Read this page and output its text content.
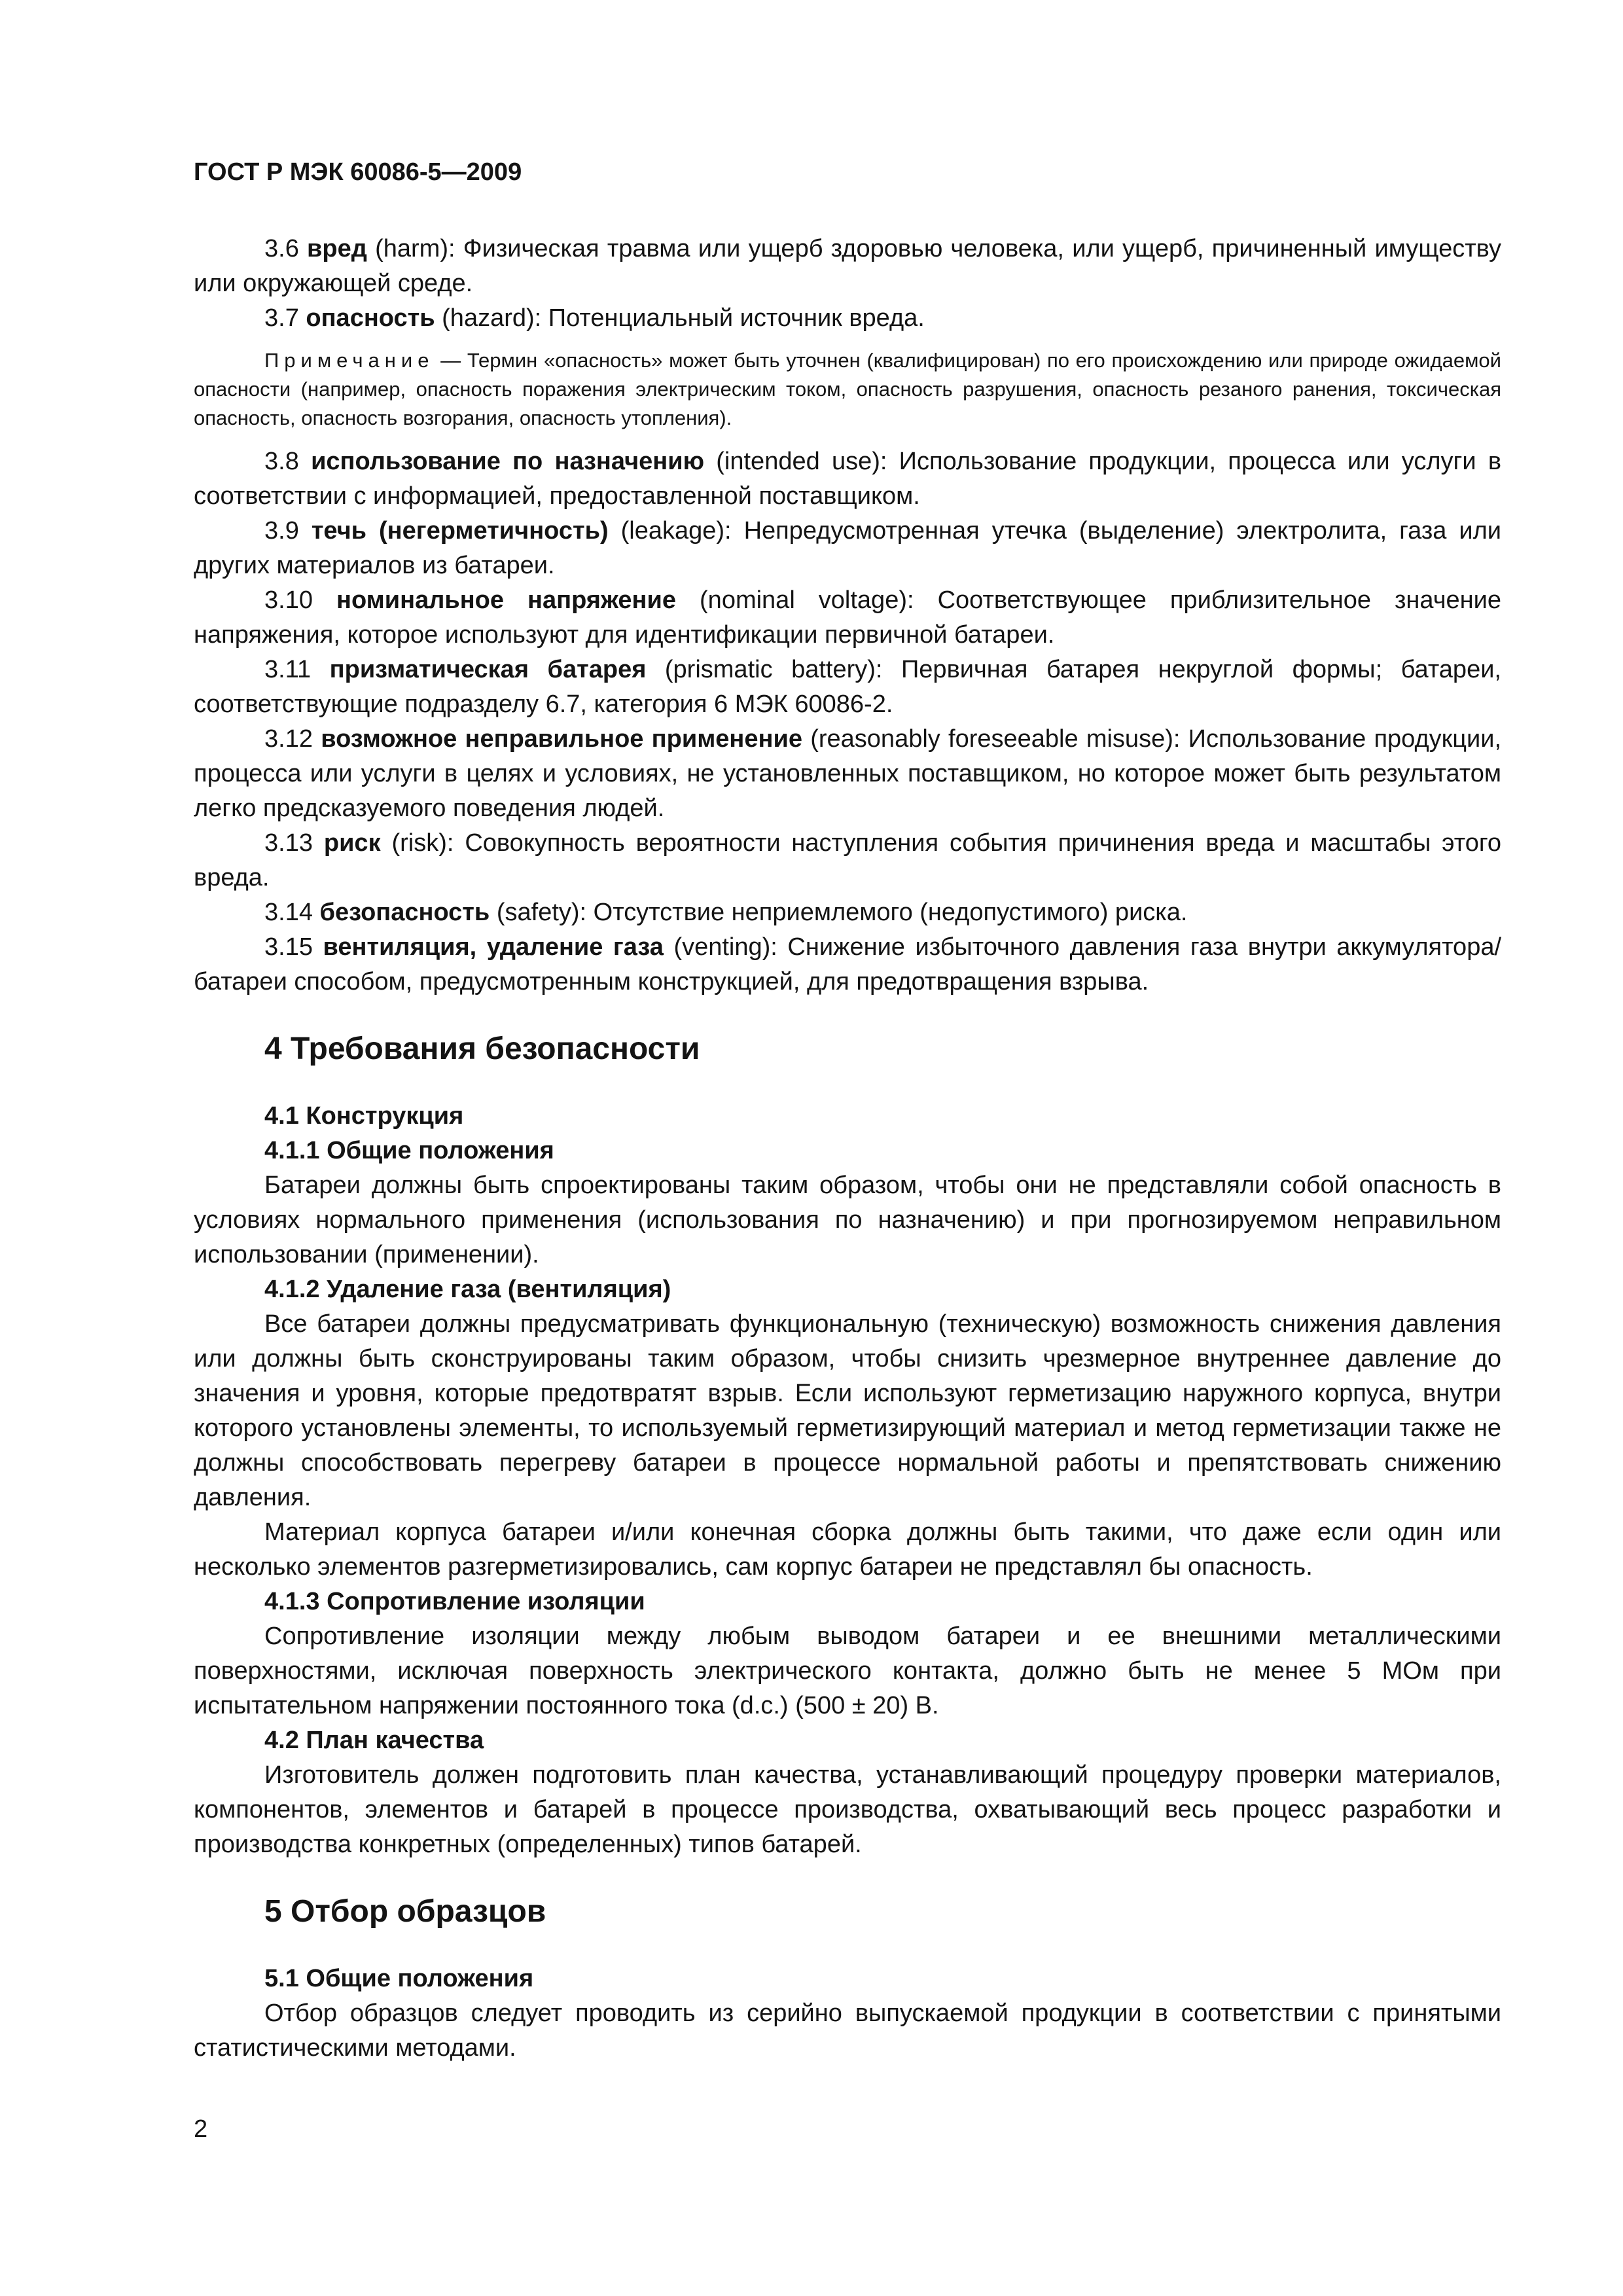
ГОСТ Р МЭК 60086-5—2009

3.6 вред (harm): Физическая травма или ущерб здоровью человека, или ущерб, причиненный имуществу или окружающей среде.

3.7 опасность (hazard): Потенциальный источник вреда.

Примечание — Термин «опасность» может быть уточнен (квалифицирован) по его происхождению или природе ожидаемой опасности (например, опасность поражения электрическим током, опасность разрушения, опасность резаного ранения, токсическая опасность, опасность возгорания, опасность утопления).

3.8 использование по назначению (intended use): Использование продукции, процесса или услуги в соответствии с информацией, предоставленной поставщиком.

3.9 течь (негерметичность) (leakage): Непредусмотренная утечка (выделение) электролита, газа или других материалов из батареи.

3.10 номинальное напряжение (nominal voltage): Соответствующее приблизительное значение напряжения, которое используют для идентификации первичной батареи.

3.11 призматическая батарея (prismatic battery): Первичная батарея некруглой формы; батареи, соответствующие подразделу 6.7, категория 6 МЭК 60086-2.

3.12 возможное неправильное применение (reasonably foreseeable misuse): Использование продукции, процесса или услуги в целях и условиях, не установленных поставщиком, но которое может быть результатом легко предсказуемого поведения людей.

3.13 риск (risk): Совокупность вероятности наступления события причинения вреда и масштабы этого вреда.

3.14 безопасность (safety): Отсутствие неприемлемого (недопустимого) риска.

3.15 вентиляция, удаление газа (venting): Снижение избыточного давления газа внутри аккумулятора/батареи способом, предусмотренным конструкцией, для предотвращения взрыва.

4 Требования безопасности

4.1 Конструкция

4.1.1 Общие положения

Батареи должны быть спроектированы таким образом, чтобы они не представляли собой опасность в условиях нормального применения (использования по назначению) и при прогнозируемом неправильном использовании (применении).

4.1.2 Удаление газа (вентиляция)

Все батареи должны предусматривать функциональную (техническую) возможность снижения давления или должны быть сконструированы таким образом, чтобы снизить чрезмерное внутреннее давление до значения и уровня, которые предотвратят взрыв. Если используют герметизацию наружного корпуса, внутри которого установлены элементы, то используемый герметизирующий материал и метод герметизации также не должны способствовать перегреву батареи в процессе нормальной работы и препятствовать снижению давления.

Материал корпуса батареи и/или конечная сборка должны быть такими, что даже если один или несколько элементов разгерметизировались, сам корпус батареи не представлял бы опасность.

4.1.3 Сопротивление изоляции

Сопротивление изоляции между любым выводом батареи и ее внешними металлическими поверхностями, исключая поверхность электрического контакта, должно быть не менее 5 МОм при испытательном напряжении постоянного тока (d.c.) (500 ± 20) В.

4.2 План качества

Изготовитель должен подготовить план качества, устанавливающий процедуру проверки материалов, компонентов, элементов и батарей в процессе производства, охватывающий весь процесс разработки и производства конкретных (определенных) типов батарей.

5 Отбор образцов

5.1 Общие положения

Отбор образцов следует проводить из серийно выпускаемой продукции в соответствии с принятыми статистическими методами.

2
